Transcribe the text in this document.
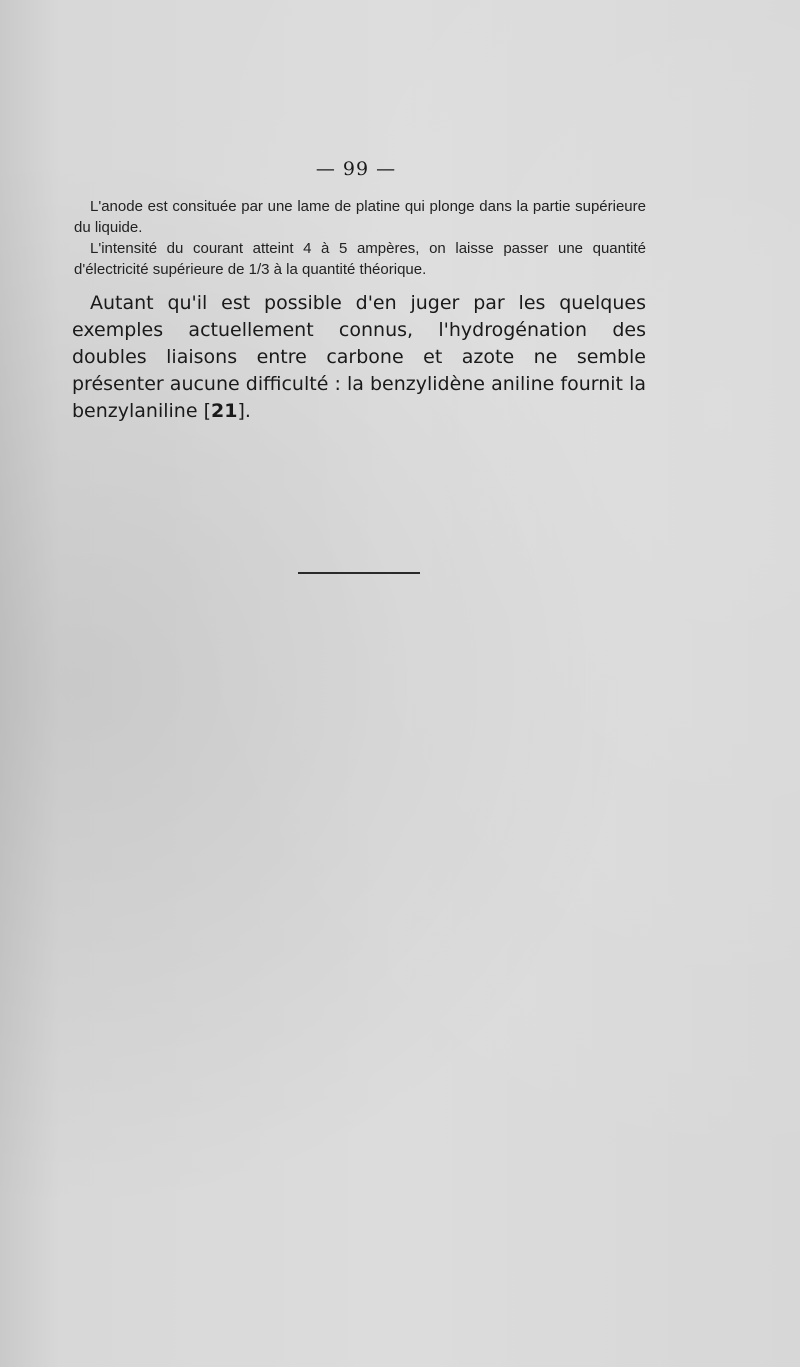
— 99 —

L'anode est consituée par une lame de platine qui plonge dans la partie supérieure du liquide.

L'intensité du courant atteint 4 à 5 ampères, on laisse passer une quantité d'électricité supérieure de 1/3 à la quantité théorique.

Autant qu'il est possible d'en juger par les quelques exemples actuellement connus, l'hydrogénation des doubles liaisons entre carbone et azote ne semble présenter aucune difficulté : la benzylidène aniline fournit la benzylaniline [21].
